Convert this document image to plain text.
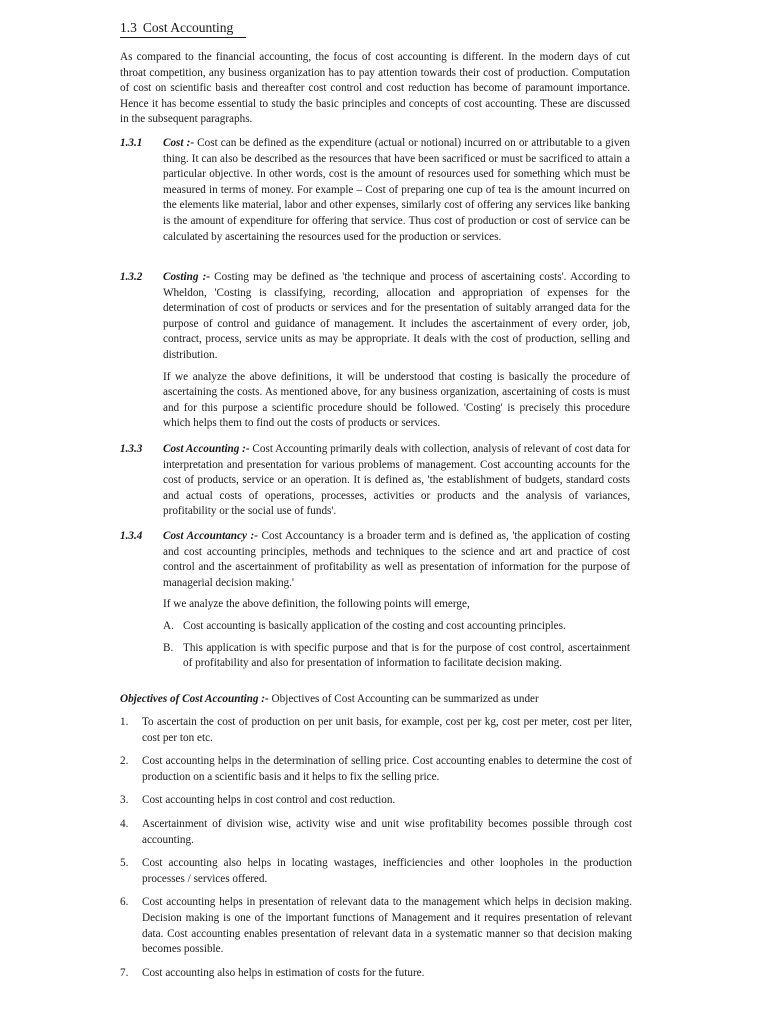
1.3 Cost Accounting
As compared to the financial accounting, the focus of cost accounting is different. In the modern days of cut throat competition, any business organization has to pay attention towards their cost of production. Computation of cost on scientific basis and thereafter cost control and cost reduction has become of paramount importance. Hence it has become essential to study the basic principles and concepts of cost accounting. These are discussed in the subsequent paragraphs.
1.3.1 Cost :- Cost can be defined as the expenditure (actual or notional) incurred on or attributable to a given thing. It can also be described as the resources that have been sacrificed or must be sacrificed to attain a particular objective. In other words, cost is the amount of resources used for something which must be measured in terms of money. For example – Cost of preparing one cup of tea is the amount incurred on the elements like material, labor and other expenses, similarly cost of offering any services like banking is the amount of expenditure for offering that service. Thus cost of production or cost of service can be calculated by ascertaining the resources used for the production or services.

1.3.2 Costing :- Costing may be defined as 'the technique and process of ascertaining costs'. According to Wheldon, 'Costing is classifying, recording, allocation and appropriation of expenses for the determination of cost of products or services and for the presentation of suitably arranged data for the purpose of control and guidance of management. It includes the ascertainment of every order, job, contract, process, service units as may be appropriate. It deals with the cost of production, selling and distribution.

If we analyze the above definitions, it will be understood that costing is basically the procedure of ascertaining the costs. As mentioned above, for any business organization, ascertaining of costs is must and for this purpose a scientific procedure should be followed. 'Costing' is precisely this procedure which helps them to find out the costs of products or services.

1.3.3 Cost Accounting :- Cost Accounting primarily deals with collection, analysis of relevant of cost data for interpretation and presentation for various problems of management. Cost accounting accounts for the cost of products, service or an operation. It is defined as, 'the establishment of budgets, standard costs and actual costs of operations, processes, activities or products and the analysis of variances, profitability or the social use of funds'.

1.3.4 Cost Accountancy :- Cost Accountancy is a broader term and is defined as, 'the application of costing and cost accounting principles, methods and techniques to the science and art and practice of cost control and the ascertainment of profitability as well as presentation of information for the purpose of managerial decision making.'

If we analyze the above definition, the following points will emerge,

A. Cost accounting is basically application of the costing and cost accounting principles.
B. This application is with specific purpose and that is for the purpose of cost control, ascertainment of profitability and also for presentation of information to facilitate decision making.
Objectives of Cost Accounting :- Objectives of Cost Accounting can be summarized as under
1. To ascertain the cost of production on per unit basis, for example, cost per kg, cost per meter, cost per liter, cost per ton etc.
2. Cost accounting helps in the determination of selling price. Cost accounting enables to determine the cost of production on a scientific basis and it helps to fix the selling price.
3. Cost accounting helps in cost control and cost reduction.
4. Ascertainment of division wise, activity wise and unit wise profitability becomes possible through cost accounting.
5. Cost accounting also helps in locating wastages, inefficiencies and other loopholes in the production processes / services offered.
6. Cost accounting helps in presentation of relevant data to the management which helps in decision making. Decision making is one of the important functions of Management and it requires presentation of relevant data. Cost accounting enables presentation of relevant data in a systematic manner so that decision making becomes possible.
7. Cost accounting also helps in estimation of costs for the future.
